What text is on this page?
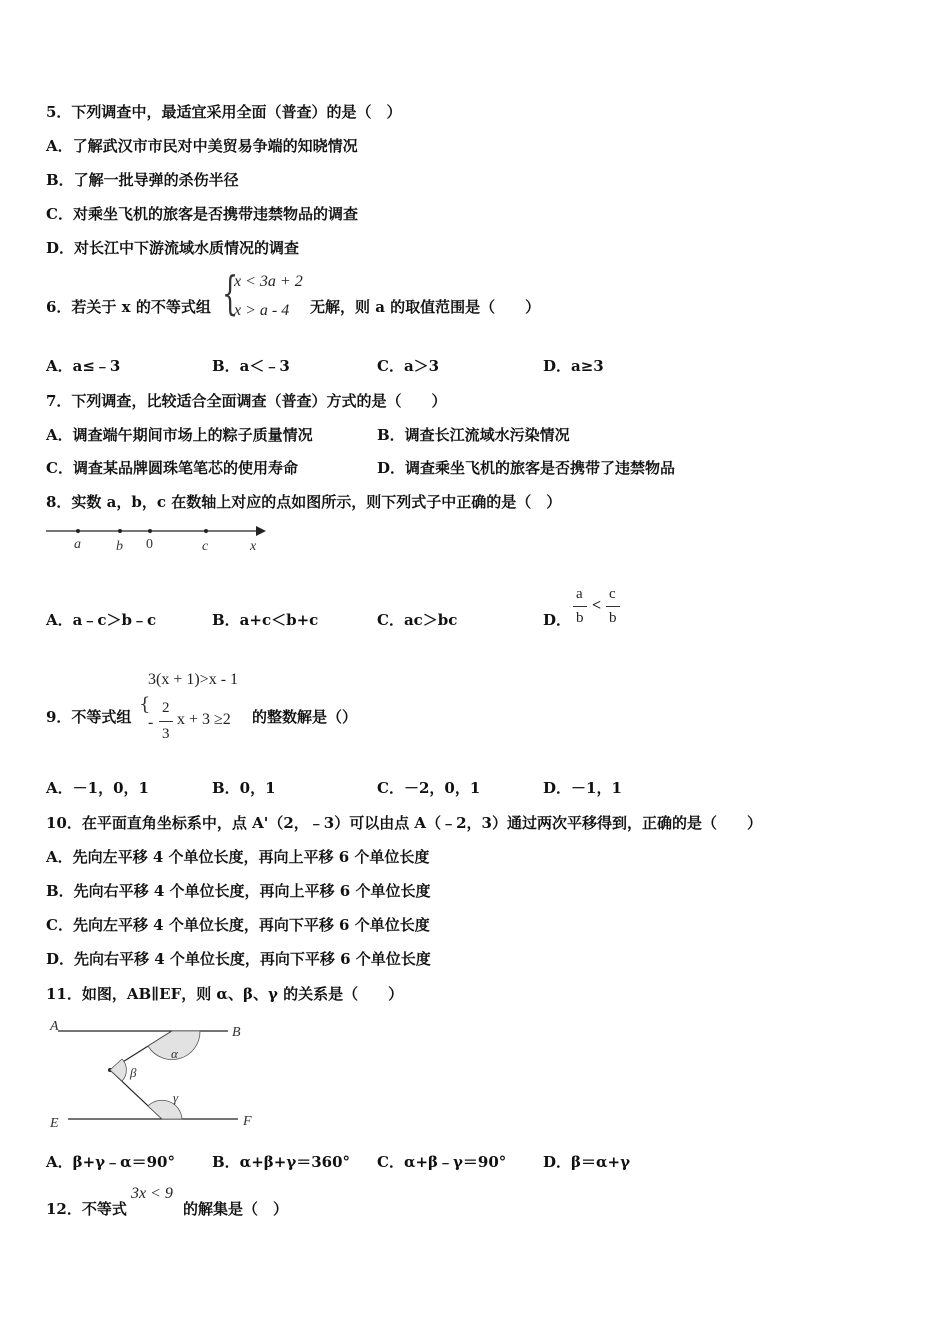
5．下列调查中，最适宜采用全面（普查）的是（　）
A．了解武汉市市民对中美贸易争端的知晓情况
B．了解一批导弹的杀伤半径
C．对乘坐飞机的旅客是否携带违禁物品的调查
D．对长江中下游流域水质情况的调查
6．若关于 x 的不等式组 {
x < 3a + 2
x > a - 4 无解，则 a 的取值范围是（　　）
A．a≤﹣3	B．a＜﹣3	C．a＞3	D．a≥3
7．下列调查，比较适合全面调查（普查）方式的是（　　）
A．调查端午期间市场上的粽子质量情况	B．调查长江流域水污染情况
C．调查某品牌圆珠笔笔芯的使用寿命	D．调查乘坐飞机的旅客是否携带了违禁物品
8．实数 a，b，c 在数轴上对应的点如图所示，则下列式子中正确的是（　）
a	b 0	c	x
A．a﹣c＞b﹣c	B．a+c＜b+c	C．ac＞bc	D．
a
b
<
c
b
9．不等式组
3(x + 1)>x - 1
{
-
2
3
x + 3 ≥2 的整数解是（）
A．－1，0，1	B．0，1	C．－2，0，1	D．－1，1
10．在平面直角坐标系中，点 A'（2，﹣3）可以由点 A（﹣2，3）通过两次平移得到，正确的是（　　）
A．先向左平移 4 个单位长度，再向上平移 6 个单位长度
B．先向右平移 4 个单位长度，再向上平移 6 个单位长度
C．先向左平移 4 个单位长度，再向下平移 6 个单位长度
D．先向右平移 4 个单位长度，再向下平移 6 个单位长度
11．如图，AB∥EF，则 α、β、γ 的关系是（　　）
A	B
E	F
α
β
γ
A．β+γ﹣α＝90° B．α+β+γ＝360° C．α+β﹣γ＝90° D．β＝α+γ
12．不等式
3x < 9
的解集是（　）
